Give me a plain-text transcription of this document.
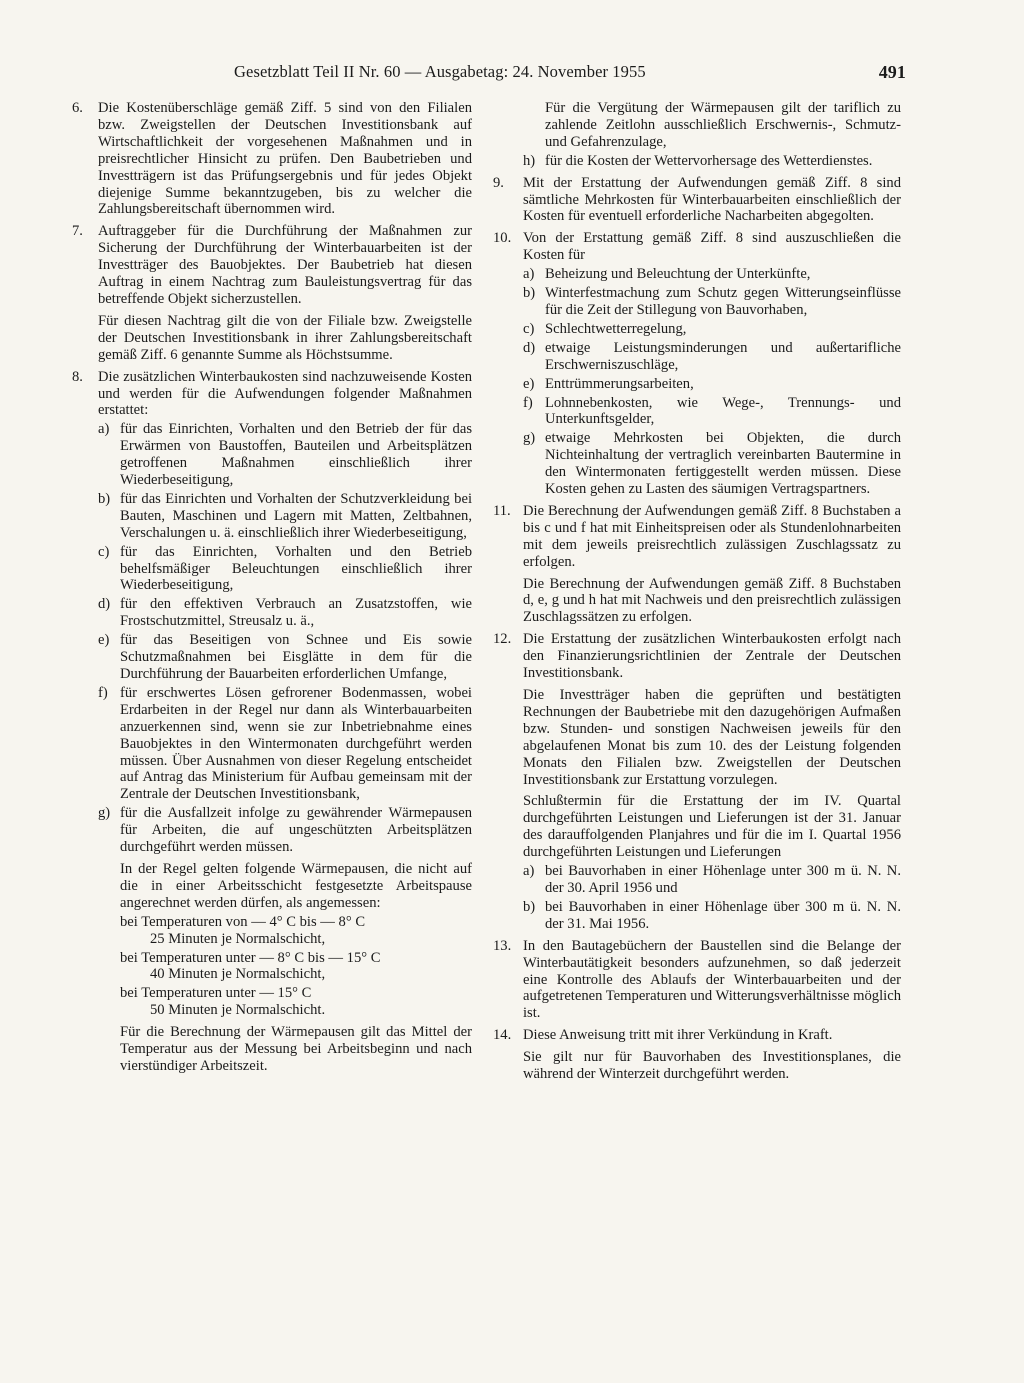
Gesetzblatt Teil II Nr. 60 — Ausgabetag: 24. November 1955	491
6.	Die Kostenüberschläge gemäß Ziff. 5 sind von den Filialen bzw. Zweigstellen der Deutschen Investitionsbank auf Wirtschaftlichkeit der vorgesehenen Maßnahmen und in preisrechtlicher Hinsicht zu prüfen. Den Baubetrieben und Investträgern ist das Prüfungsergebnis und für jedes Objekt diejenige Summe bekanntzugeben, bis zu welcher die Zahlungsbereitschaft übernommen wird.

7.	Auftraggeber für die Durchführung der Maßnahmen zur Sicherung der Durchführung der Winterbauarbeiten ist der Investträger des Bauobjektes. Der Baubetrieb hat diesen Auftrag in einem Nachtrag zum Bauleistungsvertrag für das betreffende Objekt sicherzustellen.

Für diesen Nachtrag gilt die von der Filiale bzw. Zweigstelle der Deutschen Investitionsbank in ihrer Zahlungsbereitschaft gemäß Ziff. 6 genannte Summe als Höchstsumme.

8.	Die zusätzlichen Winterbaukosten sind nachzuweisende Kosten und werden für die Aufwendungen folgender Maßnahmen erstattet:

a) für das Einrichten, Vorhalten und den Betrieb der für das Erwärmen von Baustoffen, Bauteilen und Arbeitsplätzen getroffenen Maßnahmen einschließlich ihrer Wiederbeseitigung,
b) für das Einrichten und Vorhalten der Schutzverkleidung bei Bauten, Maschinen und Lagern mit Matten, Zeltbahnen, Verschalungen u. ä. einschließlich ihrer Wiederbeseitigung,
c) für das Einrichten, Vorhalten und den Betrieb behelfsmäßiger Beleuchtungen einschließlich ihrer Wiederbeseitigung,
d) für den effektiven Verbrauch an Zusatzstoffen, wie Frostschutzmittel, Streusalz u. ä.,
e) für das Beseitigen von Schnee und Eis sowie Schutzmaßnahmen bei Eisglätte in dem für die Durchführung der Bauarbeiten erforderlichen Umfange,
f) für erschwertes Lösen gefrorener Bodenmassen, wobei Erdarbeiten in der Regel nur dann als Winterbauarbeiten anzuerkennen sind, wenn sie zur Inbetriebnahme eines Bauobjektes in den Wintermonaten durchgeführt werden müssen. Über Ausnahmen von dieser Regelung entscheidet auf Antrag das Ministerium für Aufbau gemeinsam mit der Zentrale der Deutschen Investitionsbank,
g) für die Ausfallzeit infolge zu gewährender Wärmepausen für Arbeiten, die auf ungeschützten Arbeitsplätzen durchgeführt werden müssen.

In der Regel gelten folgende Wärmepausen, die nicht auf die in einer Arbeitsschicht festgesetzte Arbeitspause angerechnet werden dürfen, als angemessen:

bei Temperaturen von — 4° C bis — 8° C
25 Minuten je Normalschicht,
bei Temperaturen unter — 8° C bis — 15° C
40 Minuten je Normalschicht,
bei Temperaturen unter — 15° C
50 Minuten je Normalschicht.

Für die Berechnung der Wärmepausen gilt das Mittel der Temperatur aus der Messung bei Arbeitsbeginn und nach vierstündiger Arbeitszeit.

Für die Vergütung der Wärmepausen gilt der tariflich zu zahlende Zeitlohn ausschließlich Erschwernis-, Schmutz- und Gefahrenzulage,

h) für die Kosten der Wettervorhersage des Wetterdienstes.
9.	Mit der Erstattung der Aufwendungen gemäß Ziff. 8 sind sämtliche Mehrkosten für Winterbauarbeiten einschließlich der Kosten für eventuell erforderliche Nacharbeiten abgegolten.

10. Von der Erstattung gemäß Ziff. 8 sind auszuschließen die Kosten für

a) Beheizung und Beleuchtung der Unterkünfte,
b) Winterfestmachung zum Schutz gegen Witterungseinflüsse für die Zeit der Stillegung von Bauvorhaben,
c) Schlechtwetterregelung,
d) etwaige Leistungsminderungen und außertarifliche Erschwerniszuschläge,
e) Enttrümmerungsarbeiten,
f) Lohnnebenkosten, wie Wege-, Trennungs- und Unterkunftsgelder,
g) etwaige Mehrkosten bei Objekten, die durch Nichteinhaltung der vertraglich vereinbarten Bautermine in den Wintermonaten fertiggestellt werden müssen. Diese Kosten gehen zu Lasten des säumigen Vertragspartners.
11. Die Berechnung der Aufwendungen gemäß Ziff. 8 Buchstaben a bis c und f hat mit Einheitspreisen oder als Stundenlohnarbeiten mit dem jeweils preisrechtlich zulässigen Zuschlagssatz zu erfolgen.

Die Berechnung der Aufwendungen gemäß Ziff. 8 Buchstaben d, e, g und h hat mit Nachweis und den preisrechtlich zulässigen Zuschlagssätzen zu erfolgen.

12. Die Erstattung der zusätzlichen Winterbaukosten erfolgt nach den Finanzierungsrichtlinien der Zentrale der Deutschen Investitionsbank.

Die Investträger haben die geprüften und bestätigten Rechnungen der Baubetriebe mit den dazugehörigen Aufmaßen bzw. Stunden- und sonstigen Nachweisen jeweils für den abgelaufenen Monat bis zum 10. des der Leistung folgenden Monats den Filialen bzw. Zweigstellen der Deutschen Investitionsbank zur Erstattung vorzulegen.

Schlußtermin für die Erstattung der im IV. Quartal durchgeführten Leistungen und Lieferungen ist der 31. Januar des darauffolgenden Planjahres und für die im I. Quartal 1956 durchgeführten Leistungen und Lieferungen

a) bei Bauvorhaben in einer Höhenlage unter 300 m ü. N. N. der 30. April 1956 und
b) bei Bauvorhaben in einer Höhenlage über 300 m ü. N. N. der 31. Mai 1956.
13. In den Bautagebüchern der Baustellen sind die Belange der Winterbautätigkeit besonders aufzunehmen, so daß jederzeit eine Kontrolle des Ablaufs der Winterbauarbeiten und der aufgetretenen Temperaturen und Witterungsverhältnisse möglich ist.

14. Diese Anweisung tritt mit ihrer Verkündung in Kraft.

Sie gilt nur für Bauvorhaben des Investitionsplanes, die während der Winterzeit durchgeführt werden.
